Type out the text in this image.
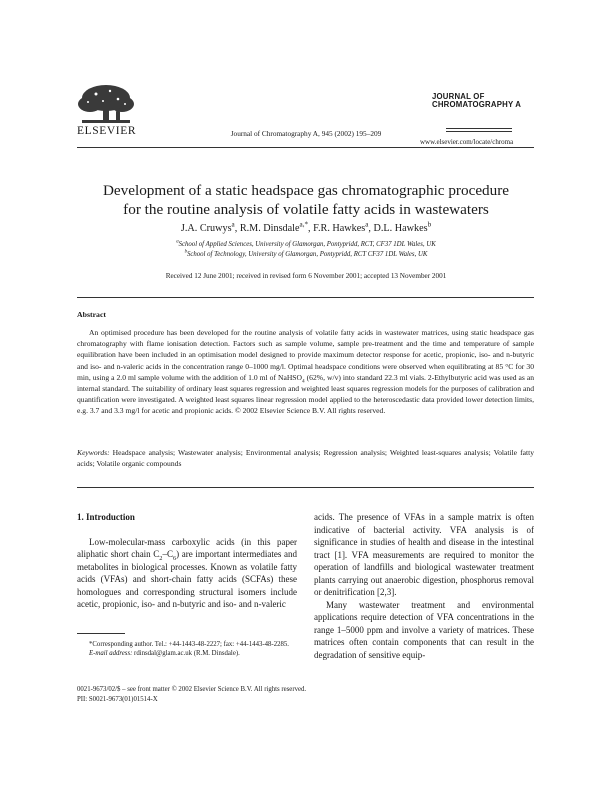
ELSEVIER	Journal of Chromatography A, 945 (2002) 195–209
JOURNAL OF
CHROMATOGRAPHY A
www.elsevier.com/locate/chroma
Development of a static headspace gas chromatographic procedure
for the routine analysis of volatile fatty acids in wastewaters
J.A. Cruwys$^a$, R.M. Dinsdale$^{a,*}$, F.R. Hawkes$^a$, D.L. Hawkes$^b$
$^a$School of Applied Sciences, University of Glamorgan, Pontypridd, RCT, CF37 1DL Wales, UK
$^b$School of Technology, University of Glamorgan, Pontypridd, RCT CF37 1DL Wales, UK
Received 12 June 2001; received in revised form 6 November 2001; accepted 13 November 2001
Abstract

An optimised procedure has been developed for the routine analysis of volatile fatty acids in wastewater matrices, using static headspace gas chromatography with flame ionisation detection. Factors such as sample volume, sample pre-treatment and the time and temperature of sample equilibration have been included in an optimisation model designed to provide maximum detector response for acetic, propionic, iso- and n-butyric and iso- and n-valeric acids in the concentration range 0–1000 mg/l. Optimal headspace conditions were observed when equilibrating at 85 °C for 30 min, using a 2.0 ml sample volume with the addition of 1.0 ml of NaHSO$_4$ (62%, w/v) into standard 22.3 ml vials. 2-Ethylbutyric acid was used as an internal standard. The suitability of ordinary least squares regression and weighted least squares regression models for the purposes of calibration and quantification were investigated. A weighted least squares linear regression model applied to the heteroscedastic data provided lower detection limits, e.g. 3.7 and 3.3 mg/l for acetic and propionic acids. © 2002 Elsevier Science B.V. All rights reserved.

Keywords: Headspace analysis; Wastewater analysis; Environmental analysis; Regression analysis; Weighted least-squares analysis; Volatile fatty acids; Volatile organic compounds

1. Introduction

Low-molecular-mass carboxylic acids (in this paper aliphatic short chain $C_2-C_6$) are important intermediates and metabolites in biological processes. Known as volatile fatty acids (VFAs) and short-chain fatty acids (SCFAs) these homologues and corresponding structural isomers include acetic, propionic, iso- and n-butyric and iso- and n-valeric

*Corresponding author. Tel.: +44-1443-48-2227; fax: +44-1443-48-2285.

E-mail address: rdinsdal@glam.ac.uk (R.M. Dinsdale).

acids. The presence of VFAs in a sample matrix is often indicative of bacterial activity. VFA analysis is of significance in studies of health and disease in the intestinal tract [1]. VFA measurements are required to monitor the operation of landfills and biological wastewater treatment plants carrying out anaerobic digestion, phosphorus removal or denitrification [2,3].

Many wastewater treatment and environmental applications require detection of VFA concentrations in the range 1–5000 ppm and involve a variety of matrices. These matrices often contain components that can result in the degradation of sensitive equip-

0021-9673/02/$ – see front matter © 2002 Elsevier Science B.V. All rights reserved.
PII: S0021-9673(01)01514-X
